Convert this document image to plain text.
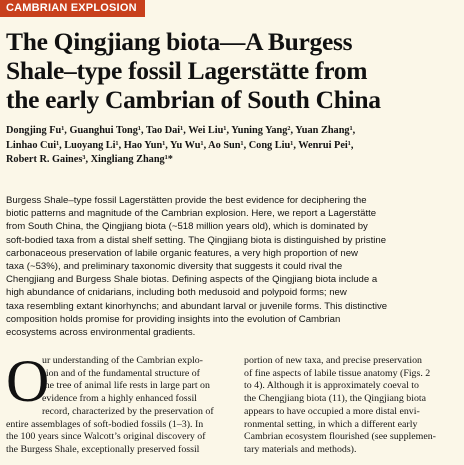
CAMBRIAN EXPLOSION
The Qingjiang biota—A Burgess
Shale–type fossil Lagerstätte from
the early Cambrian of South China
Dongjing Fu¹, Guanghui Tong¹, Tao Dai¹, Wei Liu¹, Yuning Yang², Yuan Zhang¹,
Linhao Cui¹, Luoyang Li¹, Hao Yun¹, Yu Wu¹, Ao Sun¹, Cong Liu¹, Wenrui Pei¹,
Robert R. Gaines³, Xingliang Zhang¹*
Burgess Shale–type fossil Lagerstätten provide the best evidence for deciphering the
biotic patterns and magnitude of the Cambrian explosion. Here, we report a Lagerstätte
from South China, the Qingjiang biota (~518 million years old), which is dominated by
soft-bodied taxa from a distal shelf setting. The Qingjiang biota is distinguished by pristine
carbonaceous preservation of labile organic features, a very high proportion of new
taxa (~53%), and preliminary taxonomic diversity that suggests it could rival the
Chengjiang and Burgess Shale biotas. Defining aspects of the Qingjiang biota include a
high abundance of cnidarians, including both medusoid and polypoid forms; new
taxa resembling extant kinorhynchs; and abundant larval or juvenile forms. This distinctive
composition holds promise for providing insights into the evolution of Cambrian
ecosystems across environmental gradients.
O
ur understanding of the Cambrian explo-
sion and of the fundamental structure of
the tree of animal life rests in large part on
evidence from a highly enhanced fossil
record, characterized by the preservation of
entire assemblages of soft-bodied fossils (1–3). In
the 100 years since Walcott’s original discovery of
the Burgess Shale, exceptionally preserved fossil
portion of new taxa, and precise preservation
of fine aspects of labile tissue anatomy (Figs. 2
to 4). Although it is approximately coeval to
the Chengjiang biota (11), the Qingjiang biota
appears to have occupied a more distal envi-
ronmental setting, in which a different early
Cambrian ecosystem flourished (see supplemen-
tary materials and methods).
